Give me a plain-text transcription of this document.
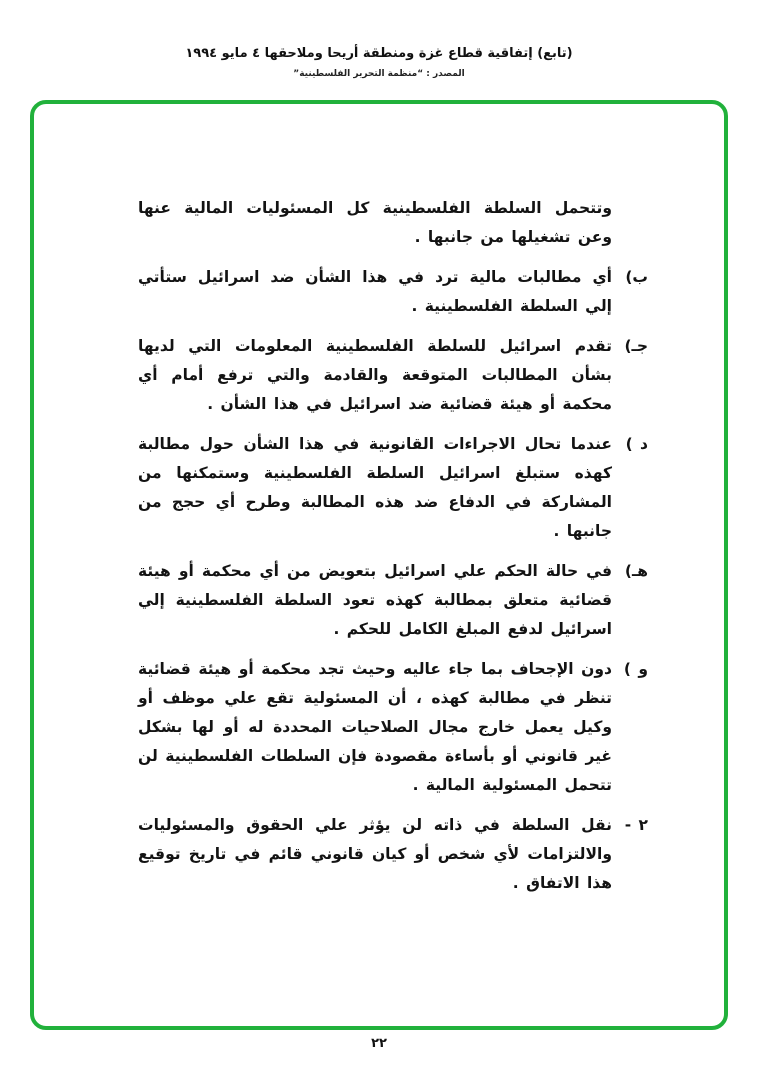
(تابع) إتفاقية قطاع غزة ومنطقة أريحا وملاحقها ٤ مايو ١٩٩٤
المصدر : “منظمة التحرير الفلسطينية”
وتتحمل السلطة الفلسطينية كل المسئوليات المالية عنها وعن تشغيلها من جانبها .
ب)
أي مطالبات مالية ترد في هذا الشأن ضد اسرائيل ستأتي إلي السلطة الفلسطينية .
جـ)
تقدم اسرائيل للسلطة الفلسطينية المعلومات التي لديها بشأن المطالبات المتوقعة والقادمة والتي ترفع أمام أي محكمة أو هيئة قضائية ضد اسرائيل في هذا الشأن .
د )
عندما تحال الاجراءات القانونية في هذا الشأن حول مطالبة كهذه ستبلغ اسرائيل السلطة الفلسطينية وستمكنها من المشاركة في الدفاع ضد هذه المطالبة وطرح أي حجج من جانبها .
هـ)
في حالة الحكم علي اسرائيل بتعويض من أي محكمة أو هيئة قضائية متعلق بمطالبة كهذه تعود السلطة الفلسطينية إلي اسرائيل لدفع المبلغ الكامل للحكم .
و )
دون الإجحاف بما جاء عاليه وحيث تجد محكمة أو هيئة قضائية تنظر في مطالبة كهذه ، أن المسئولية تقع علي موظف أو وكيل يعمل خارج مجال الصلاحيات المحددة له أو لها بشكل غير قانوني أو بأساءة مقصودة فإن السلطات الفلسطينية لن تتحمل المسئولية المالية .
٢ -
نقل السلطة في ذاته لن يؤثر علي الحقوق والمسئوليات والالتزامات لأي شخص أو كيان قانوني قائم في تاريخ توقيع هذا الاتفاق .
٢٢
